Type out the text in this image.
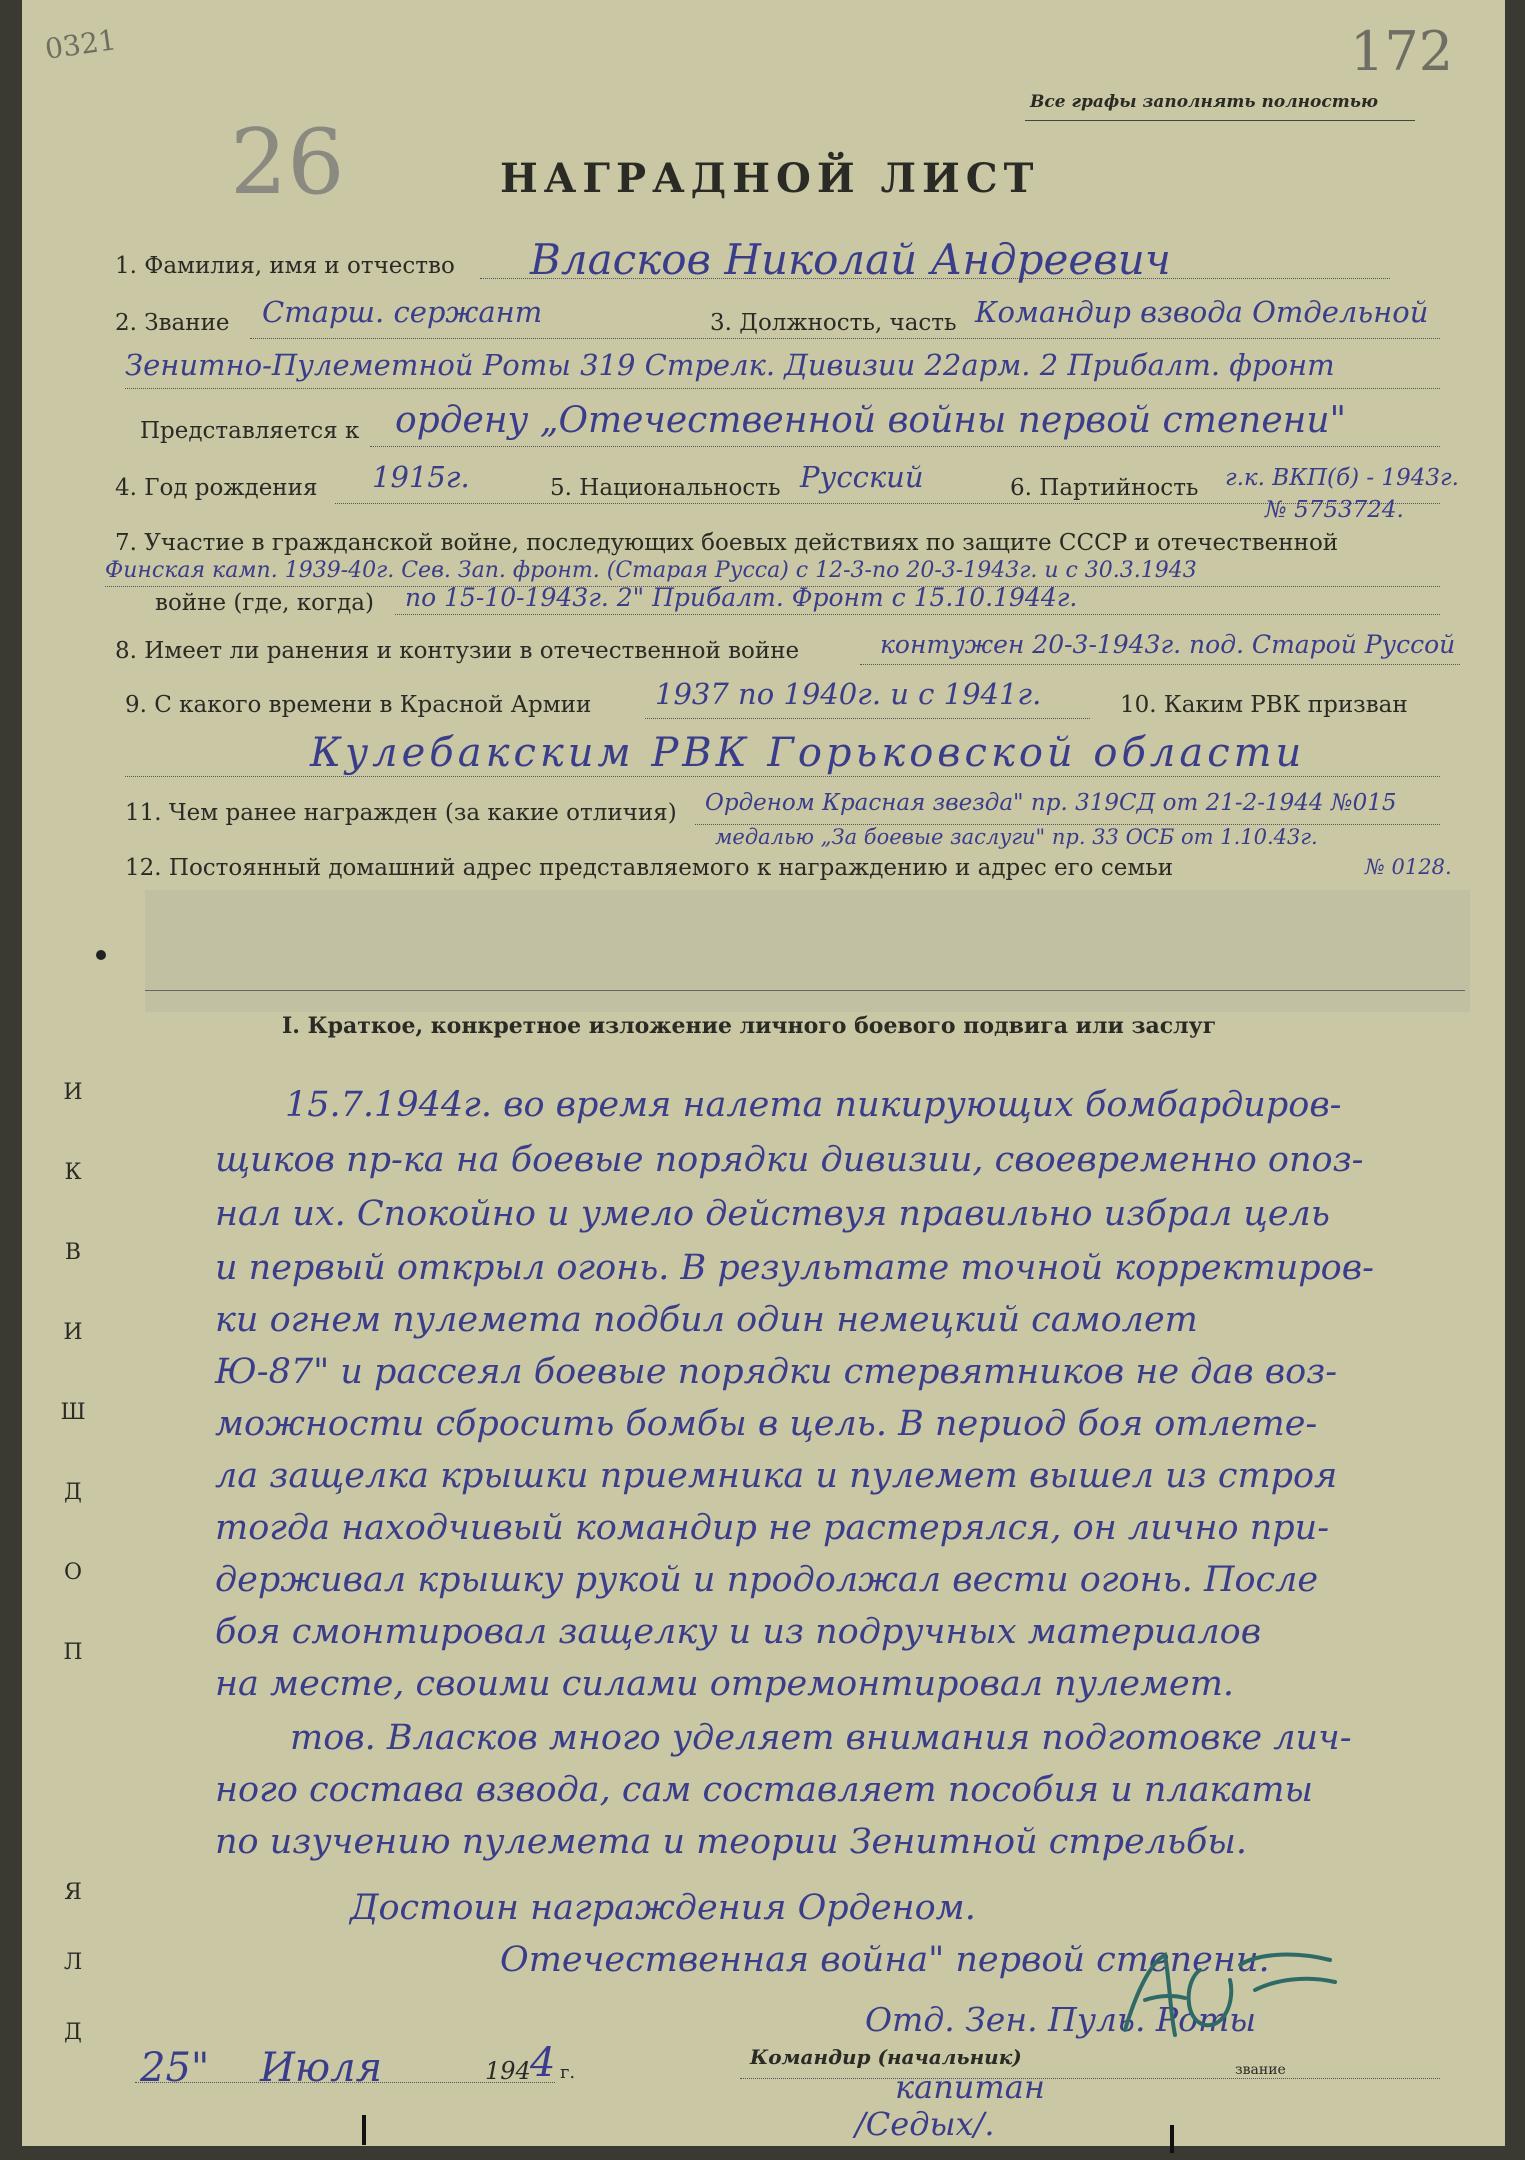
0321	172
26
Все графы заполнять полностью
НАГРАДНОЙ ЛИСТ
1. Фамилия, имя и отчество Власков Николай Андреевич
2. Звание Старш. сержант	3. Должность, часть Командир взвода Отдельной
Зенитно-Пулеметной Роты 319 Стрелк. Дивизии 22арм. 2 Прибалт. фронт
Представляется к ордену „Отечественной войны первой степени"
4. Год рождения 1915г.	5. Национальность Русский	6. Партийность г.к. ВКП(б) - 1943г.
№ 5753724.
7. Участие в гражданской войне, последующих боевых действиях по защите СССР и отечественной
Финская камп. 1939-40г. Сев. Зап. фронт. (Старая Русса) с 12-3-по 20-3-1943г. и с 30.3.1943
войне (где, когда) по 15-10-1943г. 2" Прибалт. Фронт с 15.10.1944г.
8. Имеет ли ранения и контузии в отечественной войне	контужен 20-3-1943г. под. Старой Руссой
9. С какого времени в Красной Армии 1937 по 1940г. и с 1941г.	10. Каким РВК призван
Кулебакским РВК Горьковской области
11. Чем ранее награжден (за какие отличия) Орденом Красная звезда" пр. 319СД от 21-2-1944 №015
медалью „За боевые заслуги" пр. 33 ОСБ от 1.10.43г.
12. Постоянный домашний адрес представляемого к награждению и адрес его семьи	№ 0128.
I. Краткое, конкретное изложение личного боевого подвига или заслуг
15.7.1944г. во время налета пикирующих бомбардиров-
щиков пр-ка на боевые порядки дивизии, своевременно опоз-
нал их. Спокойно и умело действуя правильно избрал цель
и первый открыл огонь. В результате точной корректиров-
ки огнем пулемета подбил один немецкий самолет
Ю-87" и рассеял боевые порядки стервятников не дав воз-
можности сбросить бомбы в цель. В период боя отлете-
ла защелка крышки приемника и пулемет вышел из строя
тогда находчивый командир не растерялся, он лично при-
держивал крышку рукой и продолжал вести огонь. После
боя смонтировал защелку и из подручных материалов
на месте, своими силами отремонтировал пулемет.
тов. Власков много уделяет внимания подготовке лич-
ного состава взвода, сам составляет пособия и плакаты
по изучению пулемета и теории Зенитной стрельбы.
Достоин награждения Орденом.
Отечественная война" первой степени.
Отд. Зен. Пуль. Роты
Командир (начальник)
капитан
/Седых/.
звание
25" Июля	194 4 г.
Д
Л
Я
П
О
Д
Ш
И
В
К
И
